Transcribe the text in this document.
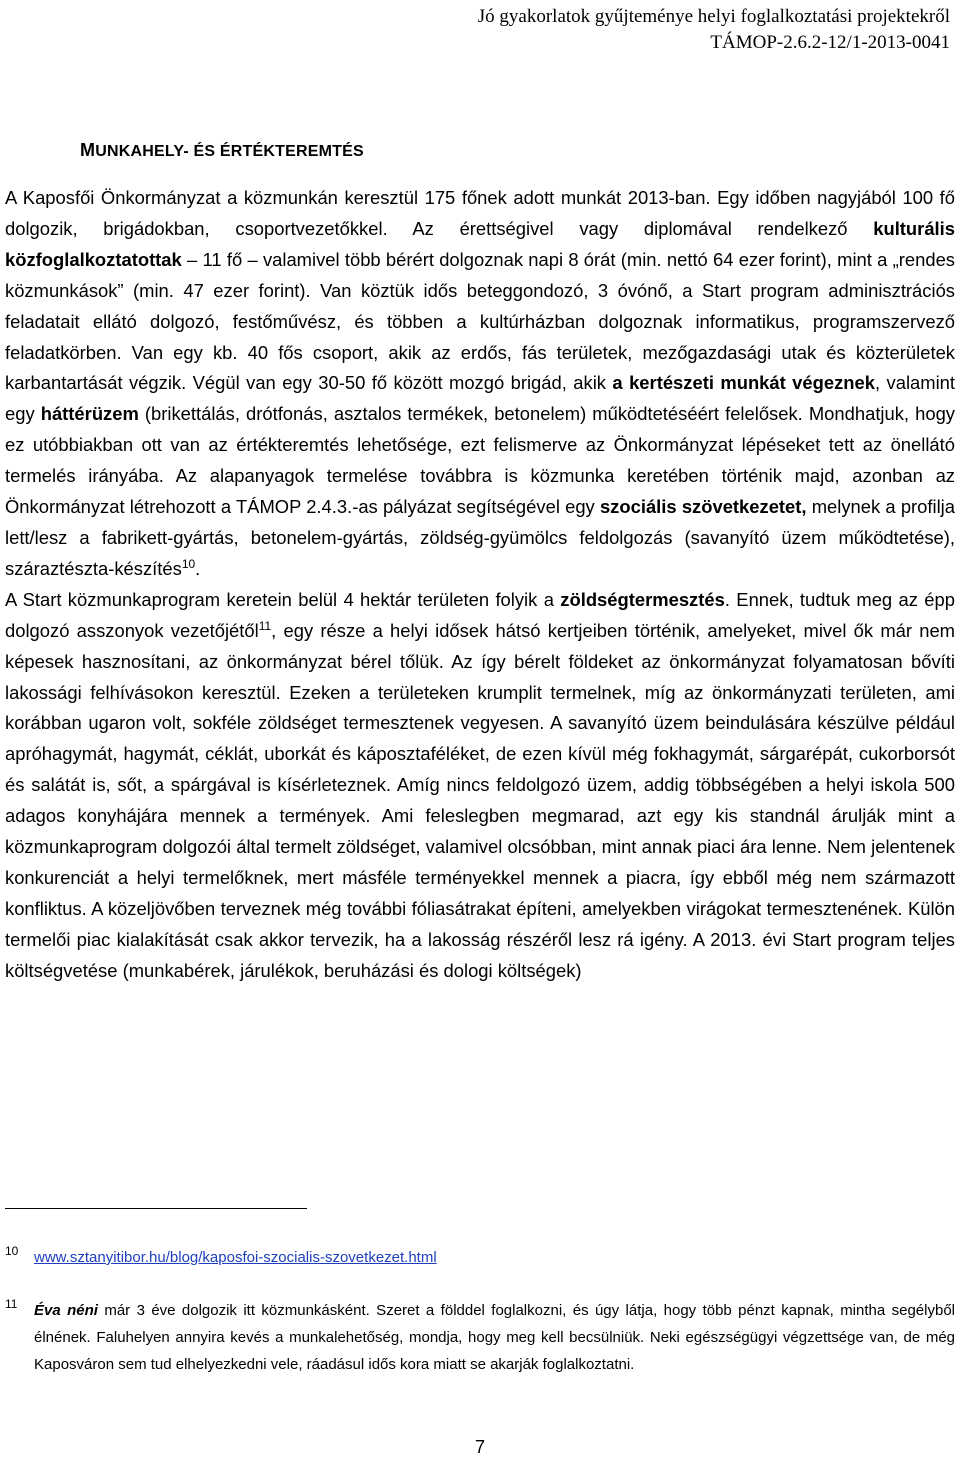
Jó gyakorlatok gyűjteménye helyi foglalkoztatási projektekről
TÁMOP-2.6.2-12/1-2013-0041
MUNKAHELY- ÉS ÉRTÉKTEREMTÉS

A Kaposfői Önkormányzat a közmunkán keresztül 175 főnek adott munkát 2013-ban. Egy időben nagyjából 100 fő dolgozik, brigádokban, csoportvezetőkkel. Az érettségivel vagy diplomával rendelkező kulturális közfoglalkoztatottak – 11 fő – valamivel több bérért dolgoznak napi 8 órát (min. nettó 64 ezer forint), mint a „rendes közmunkások” (min. 47 ezer forint). Van köztük idős beteggondozó, 3 óvónő, a Start program adminisztrációs feladatait ellátó dolgozó, festőművész, és többen a kultúrházban dolgoznak informatikus, programszervező feladatkörben. Van egy kb. 40 fős csoport, akik az erdős, fás területek, mezőgazdasági utak és közterületek karbantartását végzik. Végül van egy 30-50 fő között mozgó brigád, akik a kertészeti munkát végeznek, valamint egy háttérüzem (brikettálás, drótfonás, asztalos termékek, betonelem) működtetéséért felelősek. Mondhatjuk, hogy ez utóbbiakban ott van az értékteremtés lehetősége, ezt felismerve az Önkormányzat lépéseket tett az önellátó termelés irányába. Az alapanyagok termelése továbbra is közmunka keretében történik majd, azonban az Önkormányzat létrehozott a TÁMOP 2.4.3.-as pályázat segítségével egy szociális szövetkezetet, melynek a profilja lett/lesz a fabrikett-gyártás, betonelem-gyártás, zöldség-gyümölcs feldolgozás (savanyító üzem működtetése), száraztészta-készítés$^{10}$.

A Start közmunkaprogram keretein belül 4 hektár területen folyik a zöldségtermesztés. Ennek, tudtuk meg az épp dolgozó asszonyok vezetőjétől$^{11}$, egy része a helyi idősek hátsó kertjeiben történik, amelyeket, mivel ők már nem képesek hasznosítani, az önkormányzat bérel tőlük. Az így bérelt földeket az önkormányzat folyamatosan bővíti lakossági felhívásokon keresztül. Ezeken a területeken krumplit termelnek, míg az önkormányzati területen, ami korábban ugaron volt, sokféle zöldséget termesztenek vegyesen. A savanyító üzem beindulására készülve például apróhagymát, hagymát, céklát, uborkát és káposztaféléket, de ezen kívül még fokhagymát, sárgarépát, cukorborsót és salátát is, sőt, a spárgával is kísérleteznek. Amíg nincs feldolgozó üzem, addig többségében a helyi iskola 500 adagos konyhájára mennek a termények. Ami feleslegben megmarad, azt egy kis standnál árulják mint a közmunkaprogram dolgozói által termelt zöldséget, valamivel olcsóbban, mint annak piaci ára lenne. Nem jelentenek konkurenciát a helyi termelőknek, mert másféle terményekkel mennek a piacra, így ebből még nem származott konfliktus. A közeljövőben terveznek még további fóliasátrakat építeni, amelyekben virágokat termesztenének. Külön termelői piac kialakítását csak akkor tervezik, ha a lakosság részéről lesz rá igény. A 2013. évi Start program teljes költségvetése (munkabérek, járulékok, beruházási és dologi költségek)

10 www.sztanyitibor.hu/blog/kaposfoi-szocialis-szovetkezet.html
11 Éva néni már 3 éve dolgozik itt közmunkásként. Szeret a földdel foglalkozni, és úgy látja, hogy több pénzt kapnak, mintha segélyből élnének. Faluhelyen annyira kevés a munkalehetőség, mondja, hogy meg kell becsülniük. Neki egészségügyi végzettsége van, de még Kaposváron sem tud elhelyezkedni vele, ráadásul idős kora miatt se akarják foglalkoztatni.
7
